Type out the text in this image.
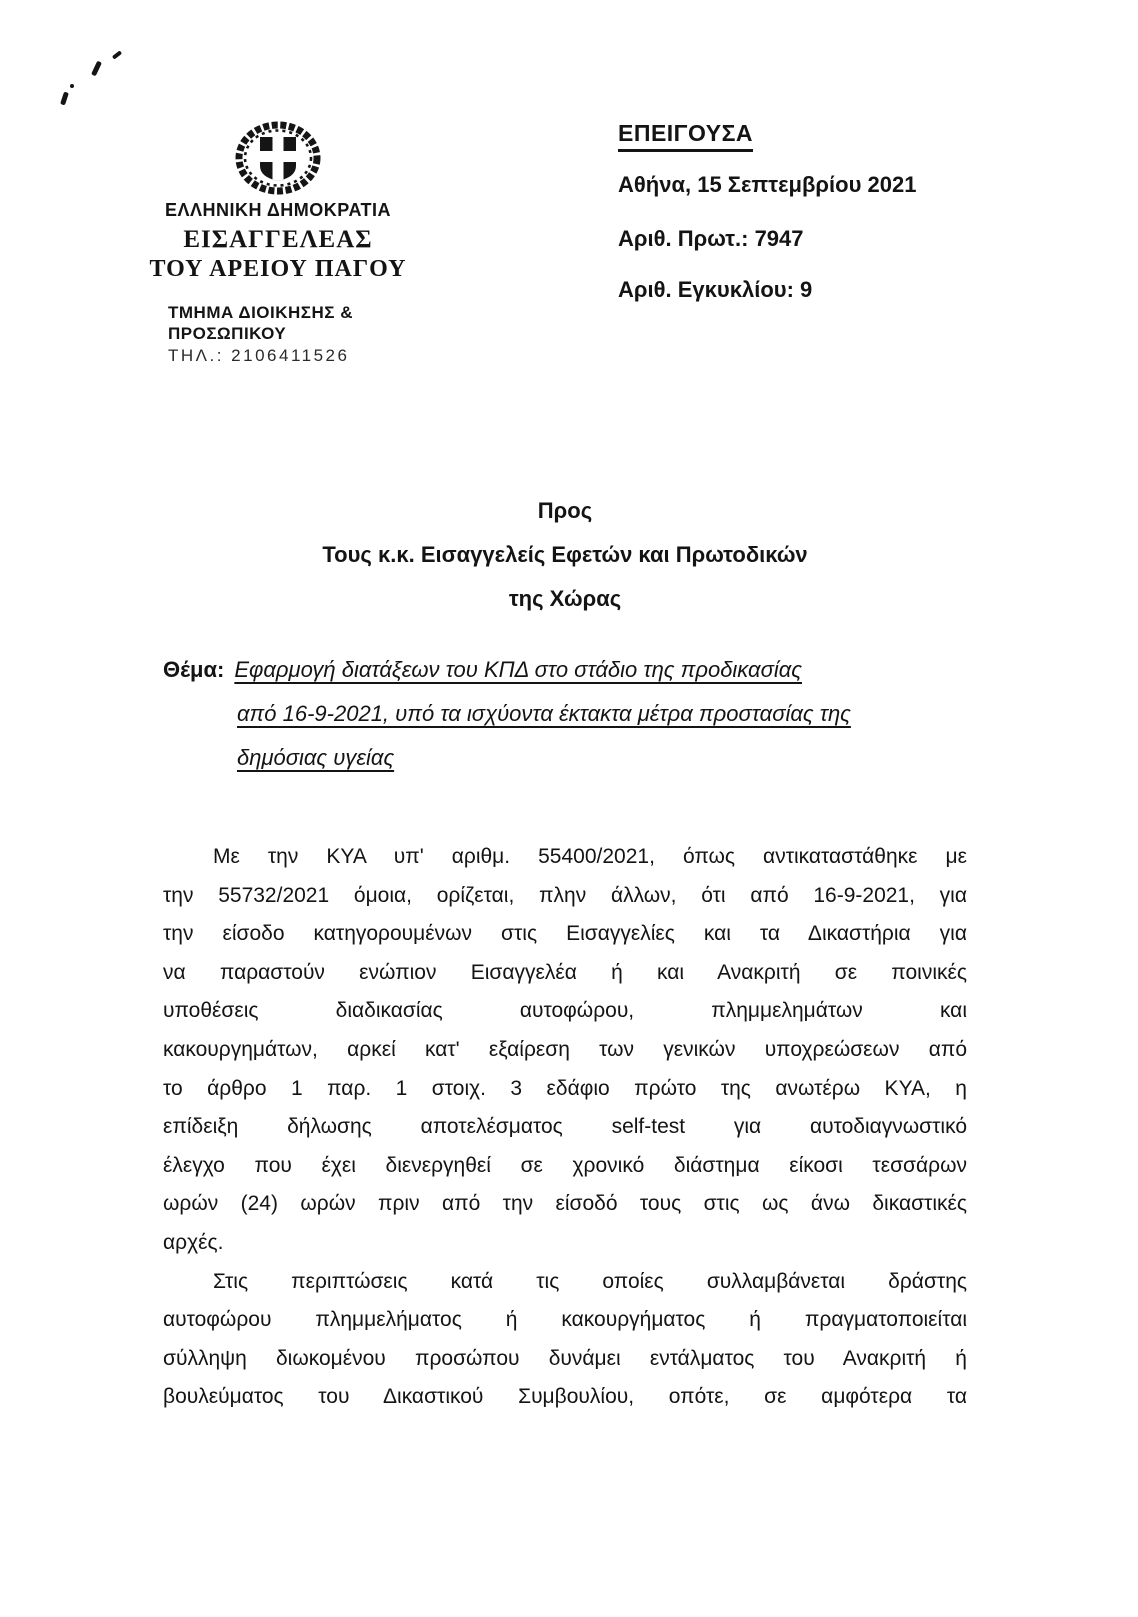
ΕΛΛΗΝΙΚΗ ΔΗΜΟΚΡΑΤΙΑ
ΕΙΣΑΓΓΕΛΕΑΣ
ΤΟΥ ΑΡΕΙΟΥ ΠΑΓΟΥ
ΤΜΗΜΑ ΔΙΟΙΚΗΣΗΣ &
ΠΡΟΣΩΠΙΚΟΥ
ΤΗΛ.: 2106411526
ΕΠΕΙΓΟΥΣΑ
Αθήνα, 15 Σεπτεμβρίου 2021
Αριθ. Πρωτ.: 7947
Αριθ. Εγκυκλίου: 9
Προς
Τους κ.κ. Εισαγγελείς Εφετών και Πρωτοδικών
της Χώρας
Θέμα: Εφαρμογή διατάξεων του ΚΠΔ στο στάδιο της προδικασίας
από 16-9-2021, υπό τα ισχύοντα έκτακτα μέτρα προστασίας της
δημόσιας υγείας
Με την ΚΥΑ υπ' αριθμ. 55400/2021, όπως αντικαταστάθηκε με
την 55732/2021 όμοια, ορίζεται, πλην άλλων, ότι από 16-9-2021, για
την είσοδο κατηγορουμένων στις Εισαγγελίες και τα Δικαστήρια για
να παραστούν ενώπιον Εισαγγελέα ή και Ανακριτή σε ποινικές
υποθέσεις διαδικασίας αυτοφώρου, πλημμελημάτων και
κακουργημάτων, αρκεί κατ' εξαίρεση των γενικών υποχρεώσεων από
το άρθρο 1 παρ. 1 στοιχ. 3 εδάφιο πρώτο της ανωτέρω ΚΥΑ, η
επίδειξη δήλωσης αποτελέσματος self-test για αυτοδιαγνωστικό
έλεγχο που έχει διενεργηθεί σε χρονικό διάστημα είκοσι τεσσάρων
ωρών (24) ωρών πριν από την είσοδό τους στις ως άνω δικαστικές
αρχές.
Στις περιπτώσεις κατά τις οποίες συλλαμβάνεται δράστης
αυτοφώρου πλημμελήματος ή κακουργήματος ή πραγματοποιείται
σύλληψη διωκομένου προσώπου δυνάμει εντάλματος του Ανακριτή ή
βουλεύματος του Δικαστικού Συμβουλίου, οπότε, σε αμφότερα τα
